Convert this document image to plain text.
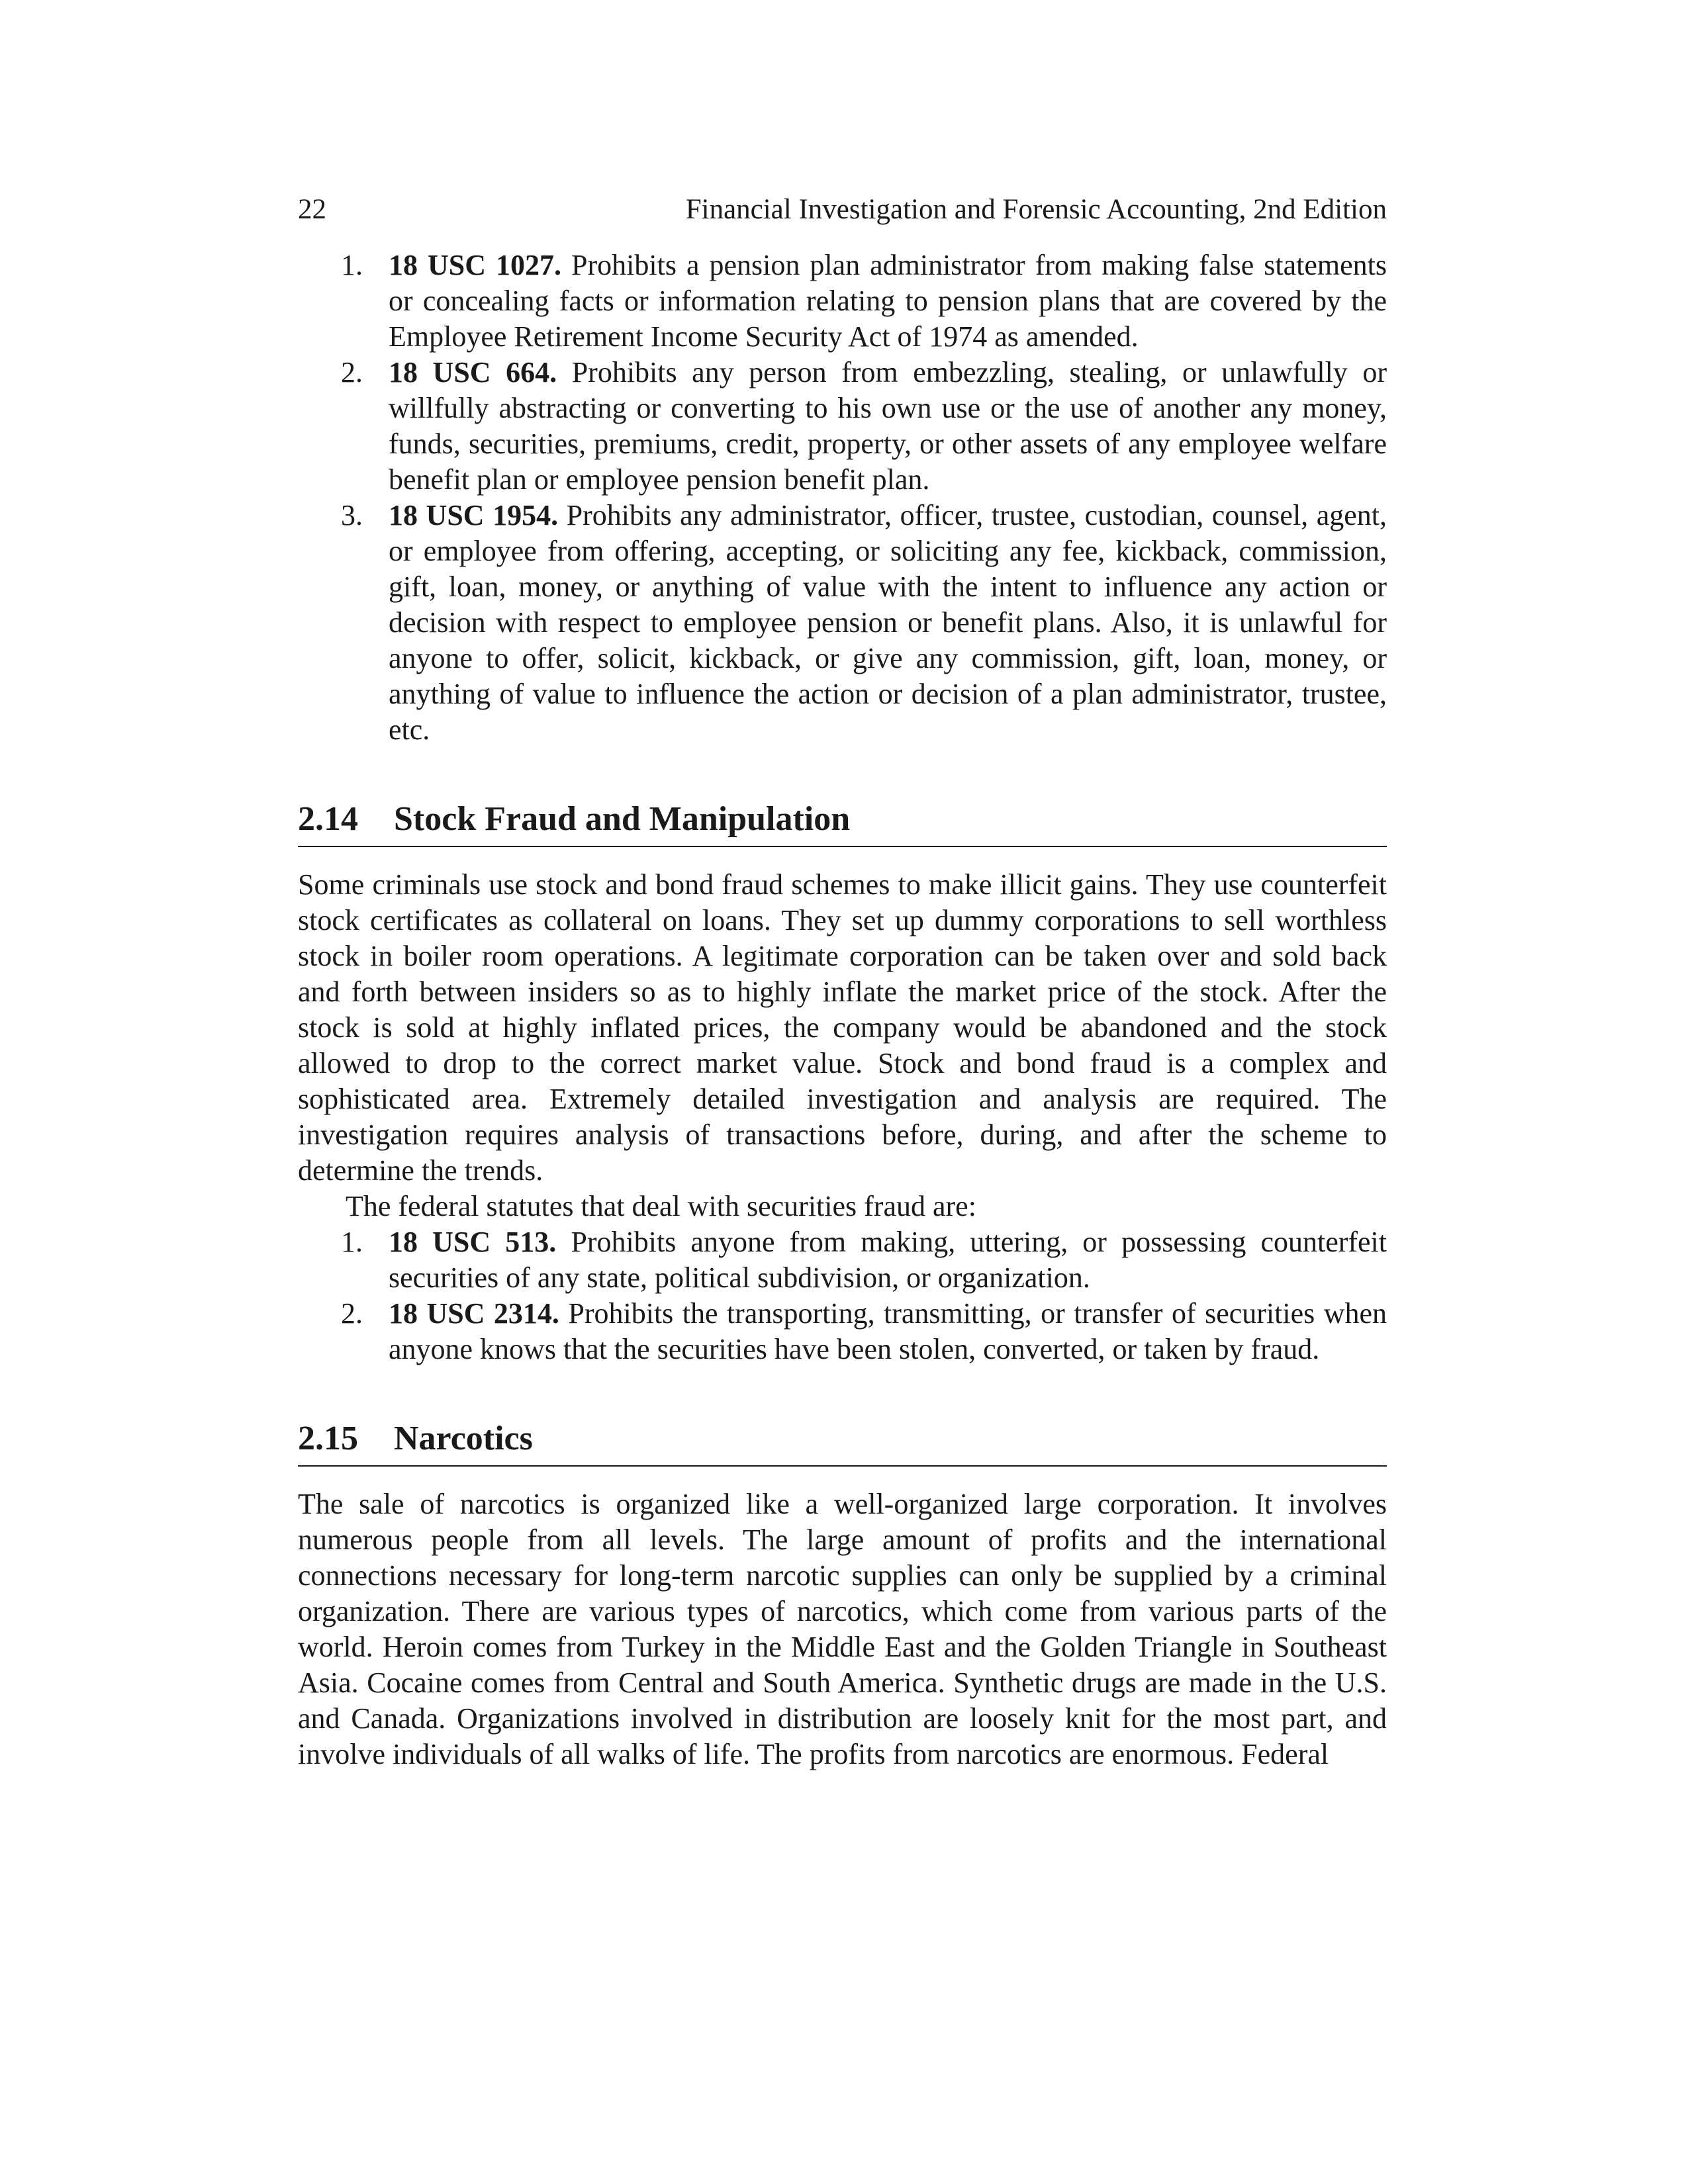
22	Financial Investigation and Forensic Accounting, 2nd Edition
1. 18 USC 1027. Prohibits a pension plan administrator from making false statements or concealing facts or information relating to pension plans that are covered by the Employee Retirement Income Security Act of 1974 as amended.
2. 18 USC 664. Prohibits any person from embezzling, stealing, or unlawfully or willfully abstracting or converting to his own use or the use of another any money, funds, securities, premiums, credit, property, or other assets of any employee welfare benefit plan or employee pension benefit plan.
3. 18 USC 1954. Prohibits any administrator, officer, trustee, custodian, counsel, agent, or employee from offering, accepting, or soliciting any fee, kickback, commission, gift, loan, money, or anything of value with the intent to influence any action or decision with respect to employee pension or benefit plans. Also, it is unlawful for anyone to offer, solicit, kickback, or give any commission, gift, loan, money, or anything of value to influence the action or decision of a plan administrator, trustee, etc.
2.14	Stock Fraud and Manipulation

Some criminals use stock and bond fraud schemes to make illicit gains. They use counterfeit stock certificates as collateral on loans. They set up dummy corporations to sell worthless stock in boiler room operations. A legitimate corporation can be taken over and sold back and forth between insiders so as to highly inflate the market price of the stock. After the stock is sold at highly inflated prices, the company would be abandoned and the stock allowed to drop to the correct market value. Stock and bond fraud is a complex and sophisticated area. Extremely detailed investigation and analysis are required. The investigation requires analysis of transactions before, during, and after the scheme to determine the trends.

The federal statutes that deal with securities fraud are:

1. 18 USC 513. Prohibits anyone from making, uttering, or possessing counterfeit securities of any state, political subdivision, or organization.
2. 18 USC 2314. Prohibits the transporting, transmitting, or transfer of securities when anyone knows that the securities have been stolen, converted, or taken by fraud.
2.15	Narcotics

The sale of narcotics is organized like a well-organized large corporation. It involves numerous people from all levels. The large amount of profits and the international connections necessary for long-term narcotic supplies can only be supplied by a criminal organization. There are various types of narcotics, which come from various parts of the world. Heroin comes from Turkey in the Middle East and the Golden Triangle in Southeast Asia. Cocaine comes from Central and South America. Synthetic drugs are made in the U.S. and Canada. Organizations involved in distribution are loosely knit for the most part, and involve individuals of all walks of life. The profits from narcotics are enormous. Federal
